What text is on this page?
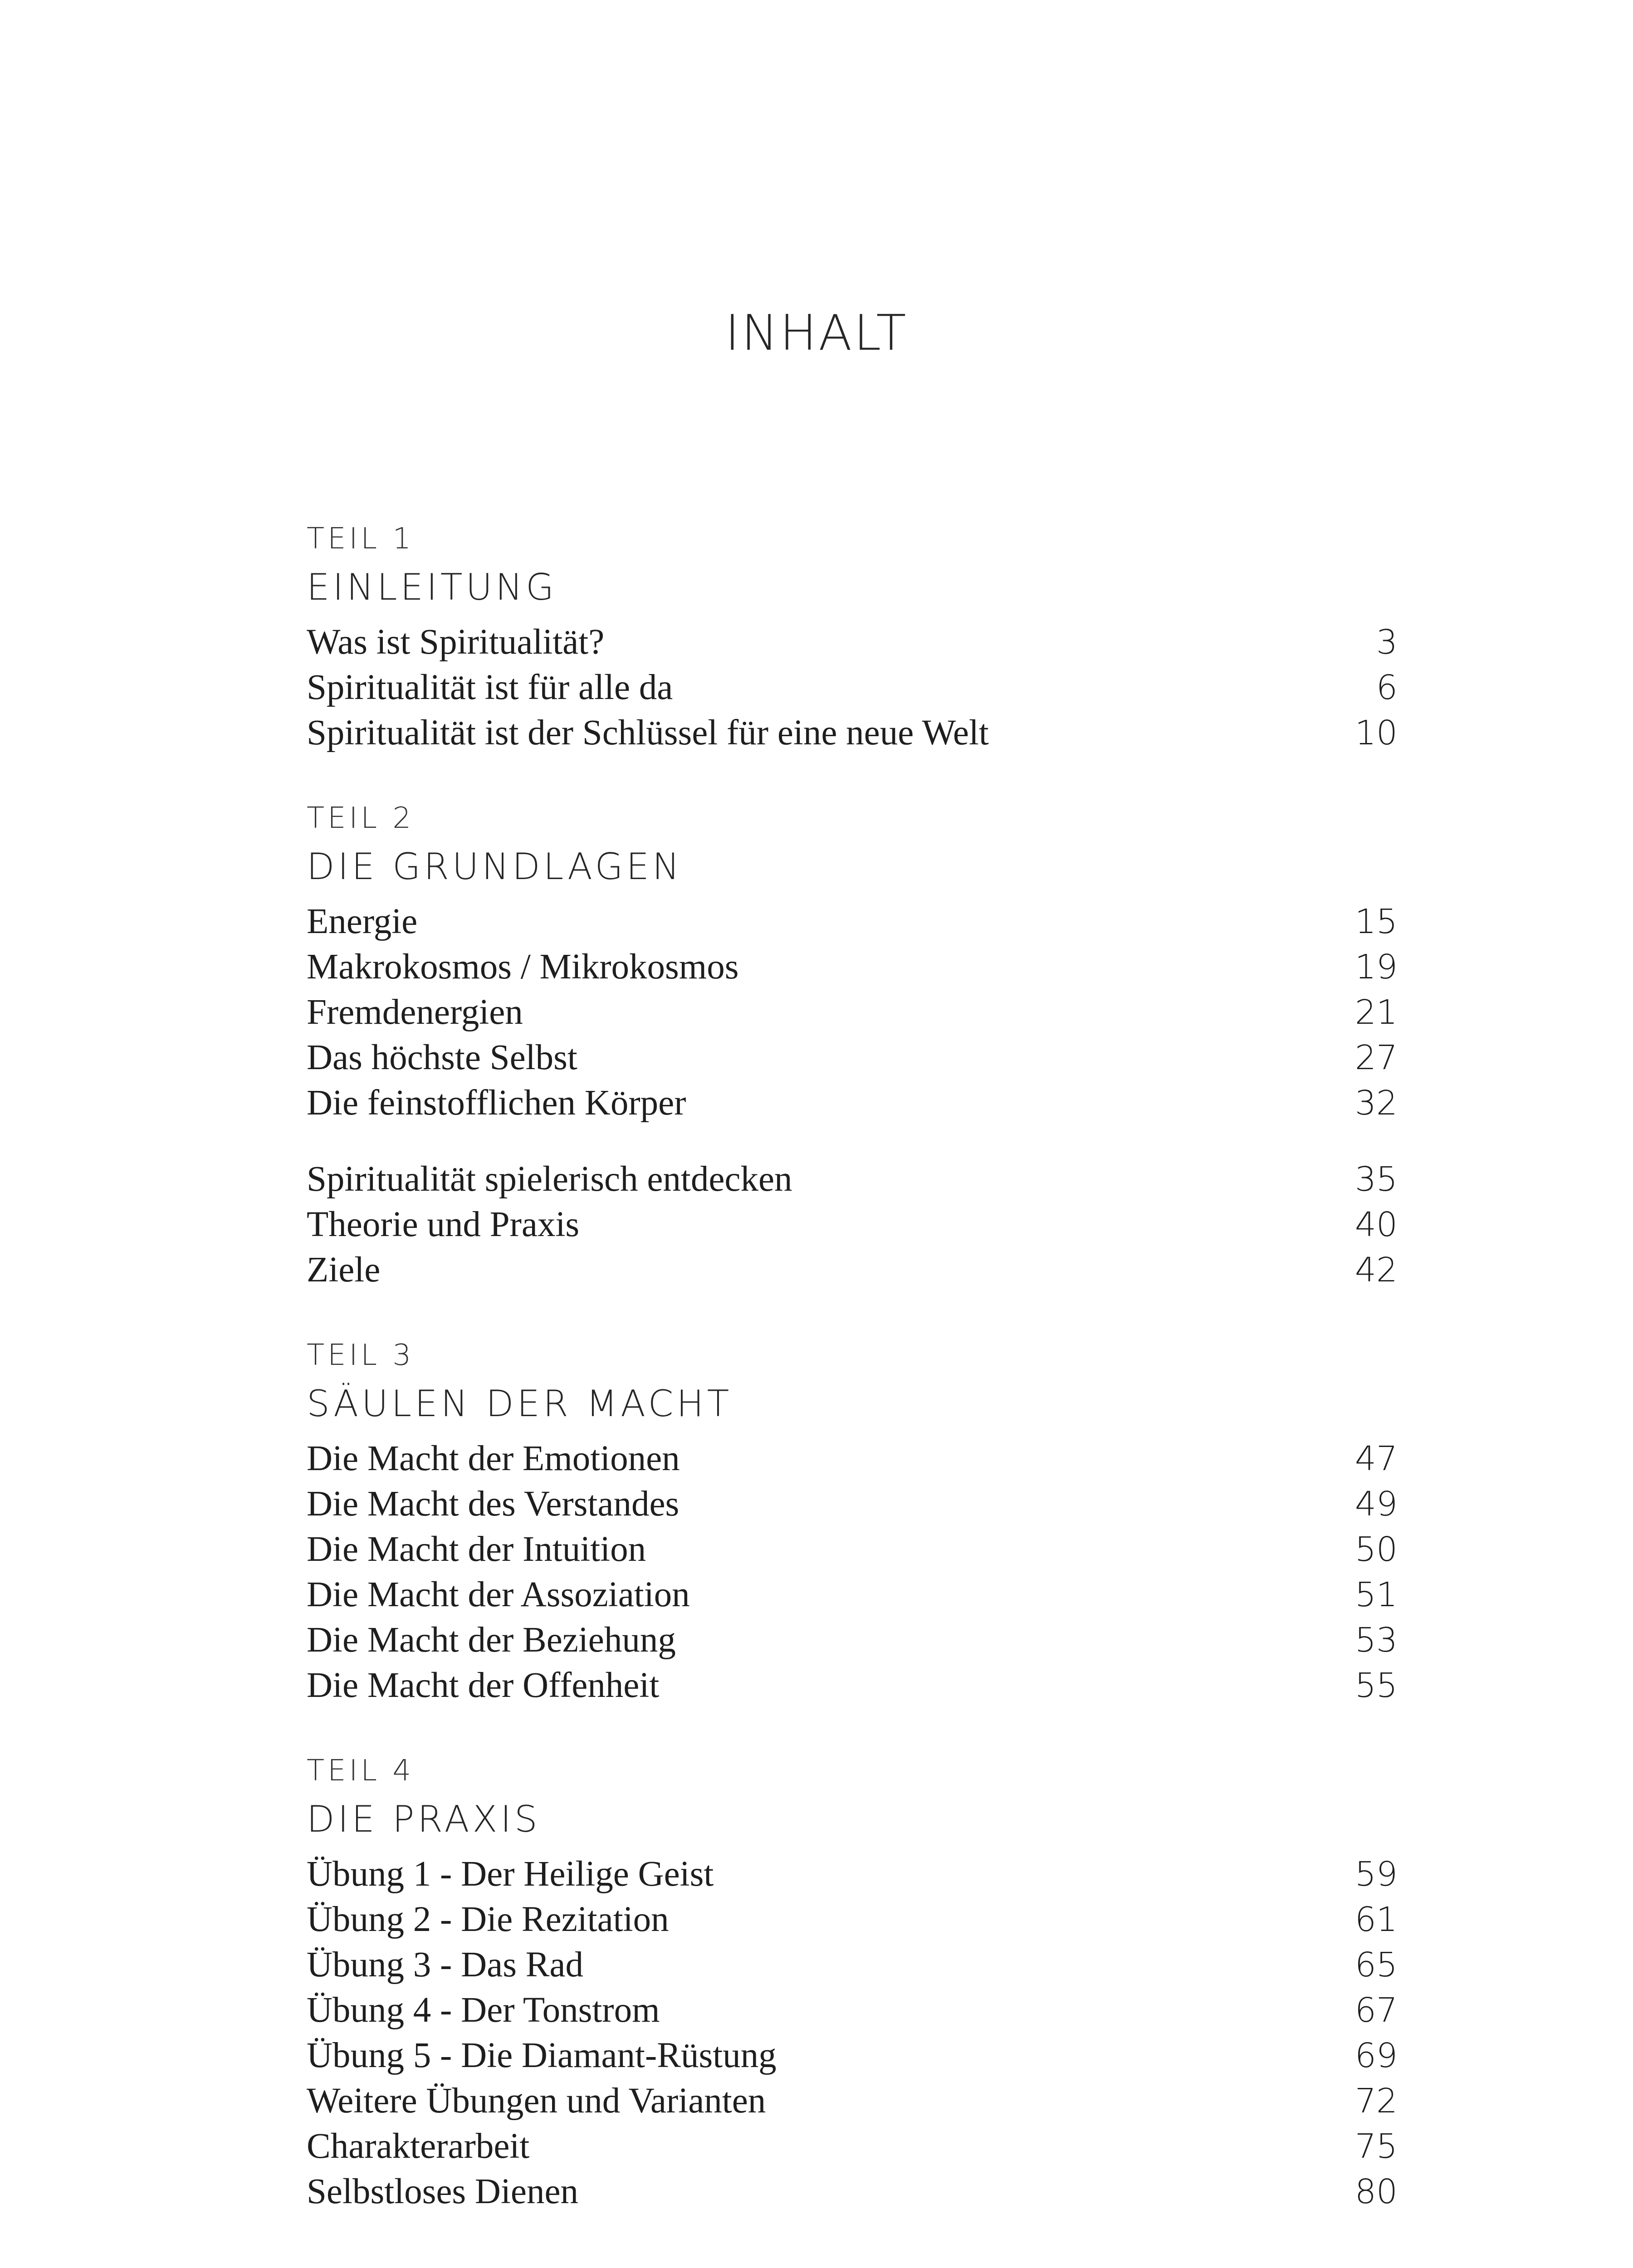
INHALT
TEIL 1
EINLEITUNG
Was ist Spiritualität?	3
Spiritualität ist für alle da	6
Spiritualität ist der Schlüssel für eine neue Welt	10
TEIL 2
DIE GRUNDLAGEN
Energie	15
Makrokosmos / Mikrokosmos	19
Fremdenergien	21
Das höchste Selbst	27
Die feinstofflichen Körper	32
Spiritualität spielerisch entdecken	35
Theorie und Praxis	40
Ziele	42
TEIL 3
SÄULEN DER MACHT
Die Macht der Emotionen	47
Die Macht des Verstandes	49
Die Macht der Intuition	50
Die Macht der Assoziation	51
Die Macht der Beziehung	53
Die Macht der Offenheit	55
TEIL 4
DIE PRAXIS
Übung 1 - Der Heilige Geist	59
Übung 2 - Die Rezitation	61
Übung 3 - Das Rad	65
Übung 4 - Der Tonstrom	67
Übung 5 - Die Diamant-Rüstung	69
Weitere Übungen und Varianten	72
Charakterarbeit	75
Selbstloses Dienen	80
